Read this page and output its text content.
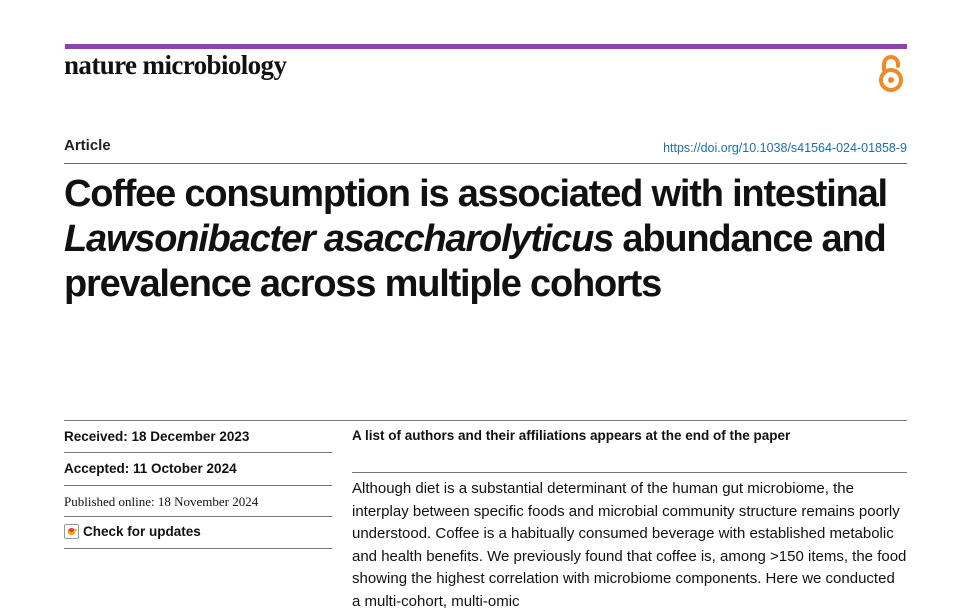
nature microbiology
Article	https://doi.org/10.1038/s41564-024-01858-9
Coffee consumption is associated with intestinal Lawsonibacter asaccharolyticus abundance and prevalence across multiple cohorts
Received: 18 December 2023
Accepted: 11 October 2024
Published online: 18 November 2024
Check for updates
A list of authors and their affiliations appears at the end of the paper

Although diet is a substantial determinant of the human gut microbiome, the interplay between specific foods and microbial community structure remains poorly understood. Coffee is a habitually consumed beverage with established metabolic and health benefits. We previously found that coffee is, among >150 items, the food showing the highest correlation with microbiome components. Here we conducted a multi-cohort, multi-omic
